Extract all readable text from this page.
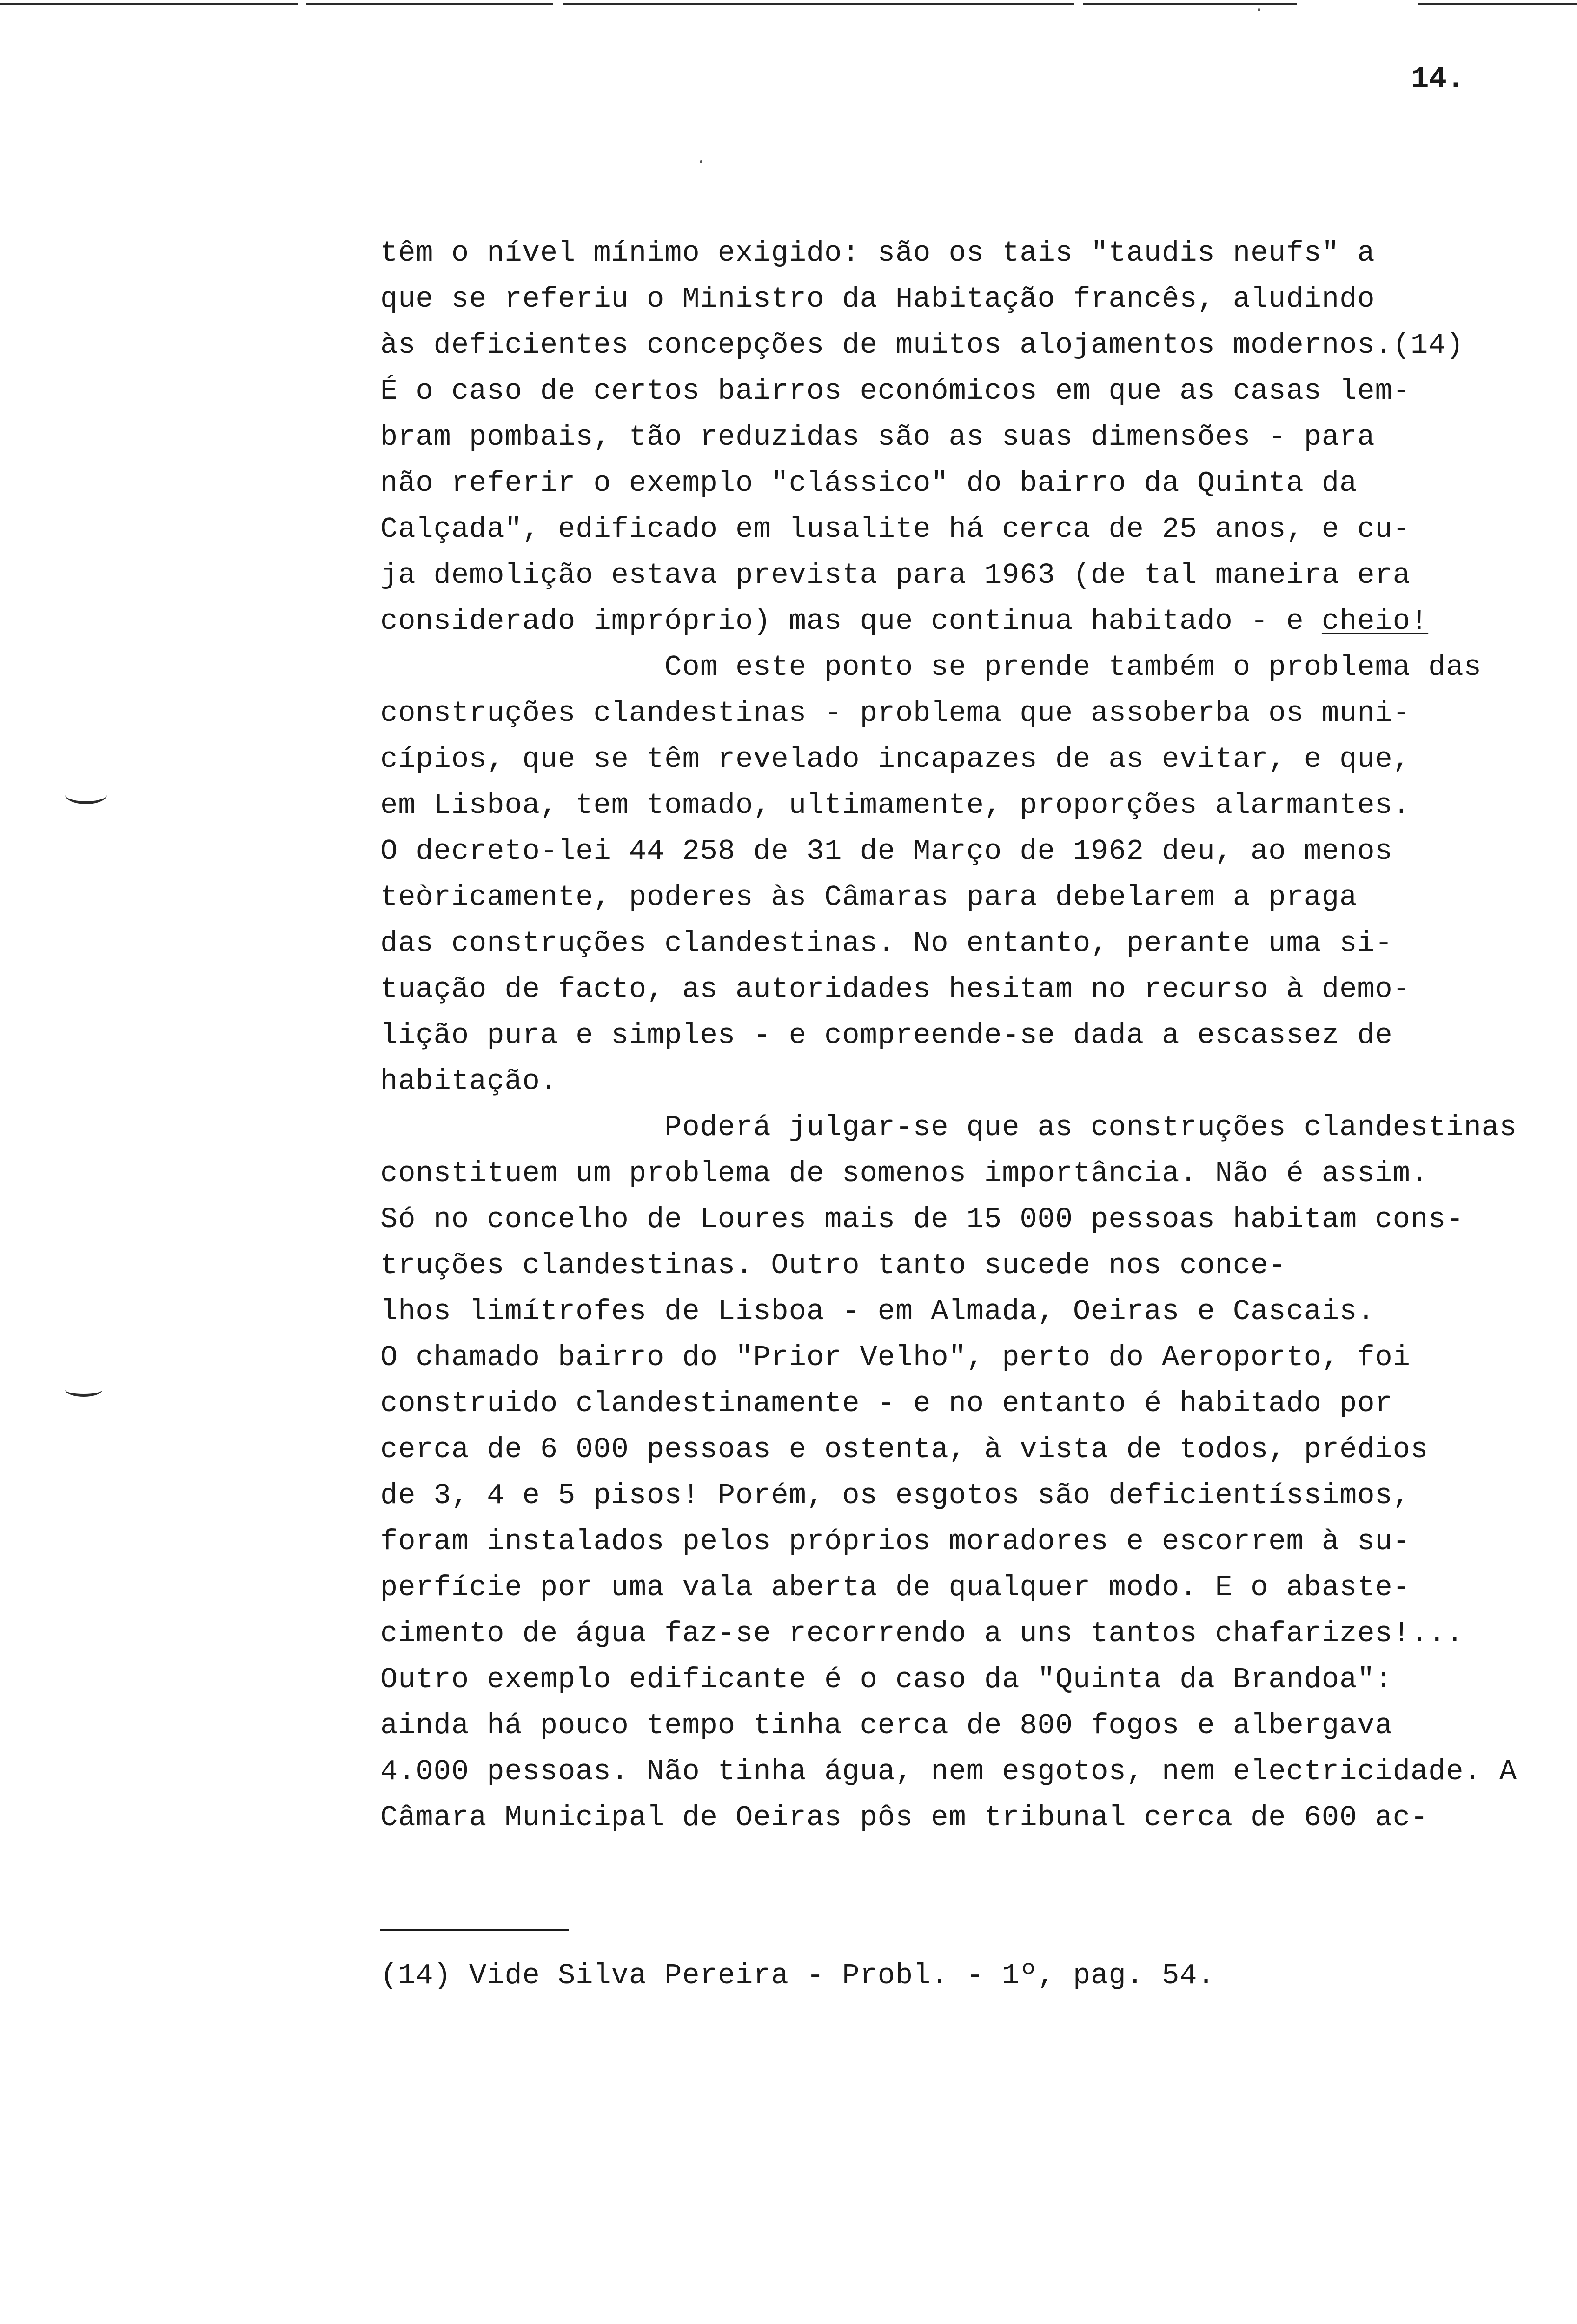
14.
têm o nível mínimo exigido: são os tais "taudis neufs" a
que se referiu o Ministro da Habitação francês, aludindo
às deficientes concepções de muitos alojamentos modernos.(14)
É o caso de certos bairros económicos em que as casas lem-
bram pombais, tão reduzidas são as suas dimensões - para
não referir o exemplo "clássico" do bairro da Quinta da
Calçada", edificado em lusalite há cerca de 25 anos, e cu-
ja demolição estava prevista para 1963 (de tal maneira era
considerado impróprio) mas que continua habitado - e cheio!
Com este ponto se prende também o problema das
construções clandestinas - problema que assoberba os muni-
cípios, que se têm revelado incapazes de as evitar, e que,
em Lisboa, tem tomado, ultimamente, proporções alarmantes.
O decreto-lei 44 258 de 31 de Março de 1962 deu, ao menos
teòricamente, poderes às Câmaras para debelarem a praga
das construções clandestinas. No entanto, perante uma si-
tuação de facto, as autoridades hesitam no recurso à demo-
lição pura e simples - e compreende-se dada a escassez de
habitação.
Poderá julgar-se que as construções clandestinas
constituem um problema de somenos importância. Não é assim.
Só no concelho de Loures mais de 15 000 pessoas habitam cons-
truções clandestinas. Outro tanto sucede nos conce-
lhos limítrofes de Lisboa - em Almada, Oeiras e Cascais.
O chamado bairro do "Prior Velho", perto do Aeroporto, foi
construido clandestinamente - e no entanto é habitado por
cerca de 6 000 pessoas e ostenta, à vista de todos, prédios
de 3, 4 e 5 pisos! Porém, os esgotos são deficientíssimos,
foram instalados pelos próprios moradores e escorrem à su-
perfície por uma vala aberta de qualquer modo. E o abaste-
cimento de água faz-se recorrendo a uns tantos chafarizes!...
Outro exemplo edificante é o caso da "Quinta da Brandoa":
ainda há pouco tempo tinha cerca de 800 fogos e albergava
4.000 pessoas. Não tinha água, nem esgotos, nem electricidade. A
Câmara Municipal de Oeiras pôs em tribunal cerca de 600 ac-
(14) Vide Silva Pereira - Probl. - 1º, pag. 54.
